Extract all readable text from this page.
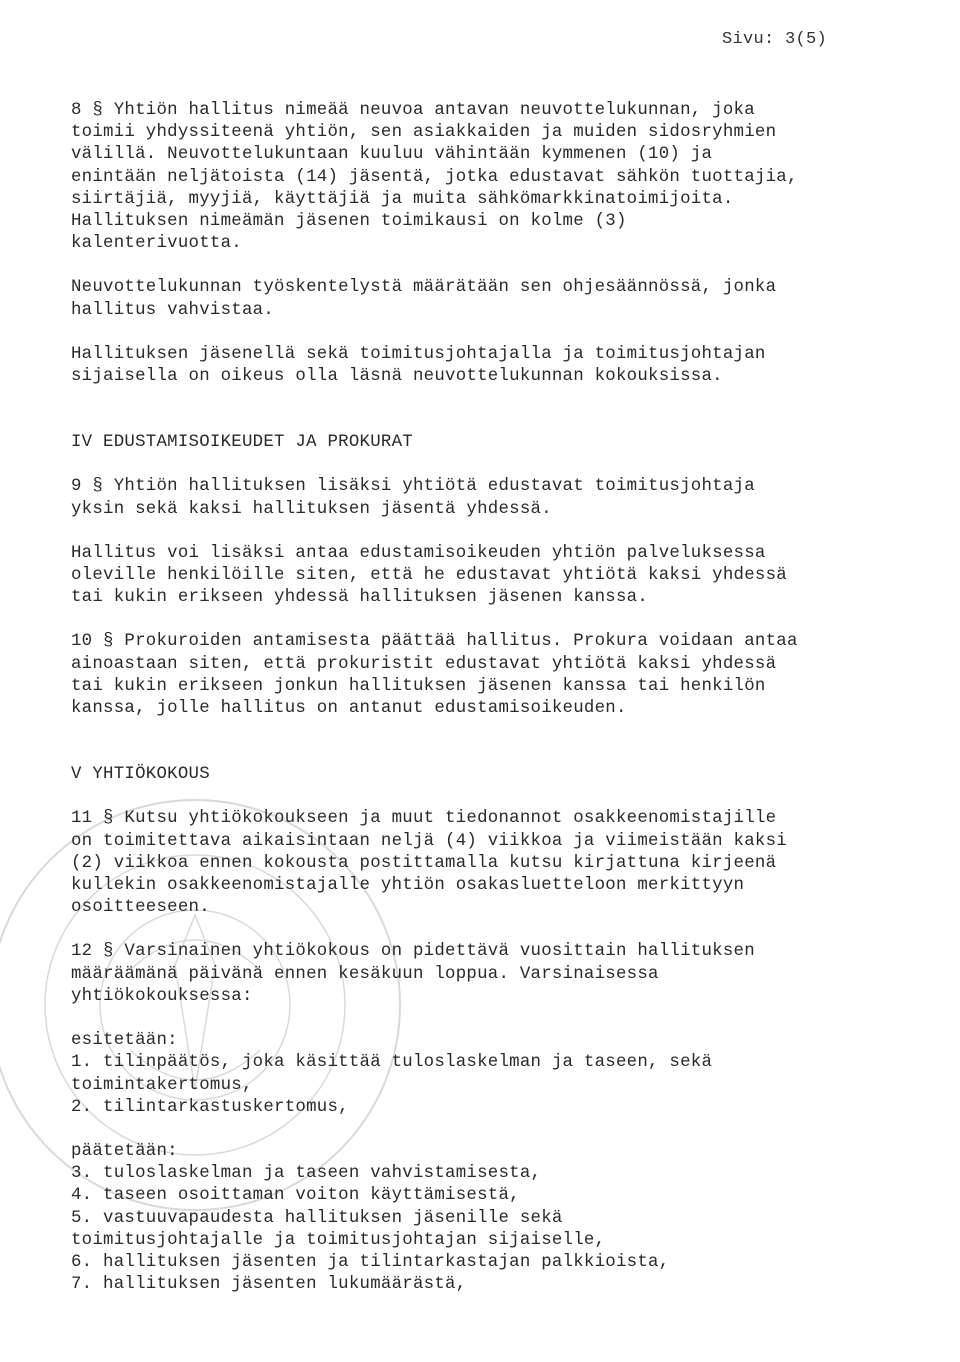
Sivu: 3(5)

8 § Yhtiön hallitus nimeää neuvoa antavan neuvottelukunnan, joka

toimii yhdyssiteenä yhtiön, sen asiakkaiden ja muiden sidosryhmien

välillä. Neuvottelukuntaan kuuluu vähintään kymmenen (10) ja

enintään neljätoista (14) jäsentä, jotka edustavat sähkön tuottajia,

siirtäjiä, myyjiä, käyttäjiä ja muita sähkömarkkinatoimijoita.

Hallituksen nimeämän jäsenen toimikausi on kolme (3)

kalenterivuotta.

Neuvottelukunnan työskentelystä määrätään sen ohjesäännössä, jonka

hallitus vahvistaa.

Hallituksen jäsenellä sekä toimitusjohtajalla ja toimitusjohtajan

sijaisella on oikeus olla läsnä neuvottelukunnan kokouksissa.

IV EDUSTAMISOIKEUDET JA PROKURAT

9 § Yhtiön hallituksen lisäksi yhtiötä edustavat toimitusjohtaja

yksin sekä kaksi hallituksen jäsentä yhdessä.

Hallitus voi lisäksi antaa edustamisoikeuden yhtiön palveluksessa

oleville henkilöille siten, että he edustavat yhtiötä kaksi yhdessä

tai kukin erikseen yhdessä hallituksen jäsenen kanssa.

10 § Prokuroiden antamisesta päättää hallitus. Prokura voidaan antaa

ainoastaan siten, että prokuristit edustavat yhtiötä kaksi yhdessä

tai kukin erikseen jonkun hallituksen jäsenen kanssa tai henkilön

kanssa, jolle hallitus on antanut edustamisoikeuden.

V YHTIÖKOKOUS

11 § Kutsu yhtiökokoukseen ja muut tiedonannot osakkeenomistajille

on toimitettava aikaisintaan neljä (4) viikkoa ja viimeistään kaksi

(2) viikkoa ennen kokousta postittamalla kutsu kirjattuna kirjeenä

kullekin osakkeenomistajalle yhtiön osakasluetteloon merkittyyn

osoitteeseen.

12 § Varsinainen yhtiökokous on pidettävä vuosittain hallituksen

määräämänä päivänä ennen kesäkuun loppua. Varsinaisessa

yhtiökokouksessa:

esitetään:

1. tilinpäätös, joka käsittää tuloslaskelman ja taseen, sekä

toimintakertomus,

2. tilintarkastuskertomus,

päätetään:

3. tuloslaskelman ja taseen vahvistamisesta,

4. taseen osoittaman voiton käyttämisestä,

5. vastuuvapaudesta hallituksen jäsenille sekä

toimitusjohtajalle ja toimitusjohtajan sijaiselle,

6. hallituksen jäsenten ja tilintarkastajan palkkioista,

7. hallituksen jäsenten lukumäärästä,
